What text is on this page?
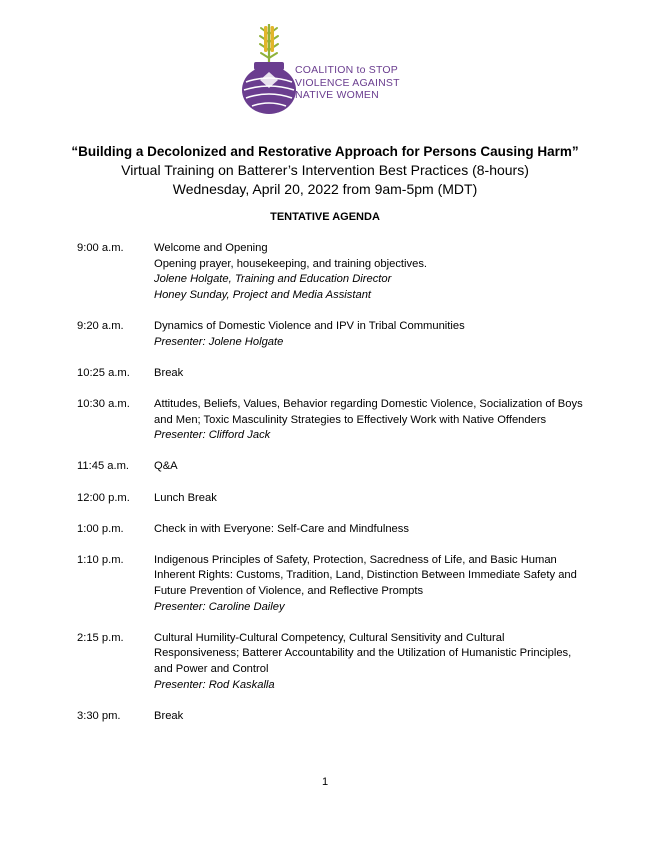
COALITION to STOP
VIOLENCE AGAINST
NATIVE WOMEN
“Building a Decolonized and Restorative Approach for Persons Causing Harm”
Virtual Training on Batterer’s Intervention Best Practices (8-hours)
Wednesday, April 20, 2022 from 9am-5pm (MDT)
TENTATIVE AGENDA
9:00 a.m.	Welcome and Opening
Opening prayer, housekeeping, and training objectives.
Jolene Holgate, Training and Education Director
Honey Sunday, Project and Media Assistant
9:20 a.m.	Dynamics of Domestic Violence and IPV in Tribal Communities
Presenter: Jolene Holgate
10:25 a.m.	Break
10:30 a.m.	Attitudes, Beliefs, Values, Behavior regarding Domestic Violence, Socialization of Boys and Men; Toxic Masculinity Strategies to Effectively Work with Native Offenders
Presenter: Clifford Jack
11:45 a.m.	Q&A
12:00 p.m.	Lunch Break
1:00 p.m.	Check in with Everyone: Self-Care and Mindfulness
1:10 p.m.	Indigenous Principles of Safety, Protection, Sacredness of Life, and Basic Human Inherent Rights: Customs, Tradition, Land, Distinction Between Immediate Safety and Future Prevention of Violence, and Reflective Prompts
Presenter: Caroline Dailey
2:15 p.m.	Cultural Humility-Cultural Competency, Cultural Sensitivity and Cultural Responsiveness; Batterer Accountability and the Utilization of Humanistic Principles, and Power and Control
Presenter: Rod Kaskalla
3:30 pm.	Break
1
